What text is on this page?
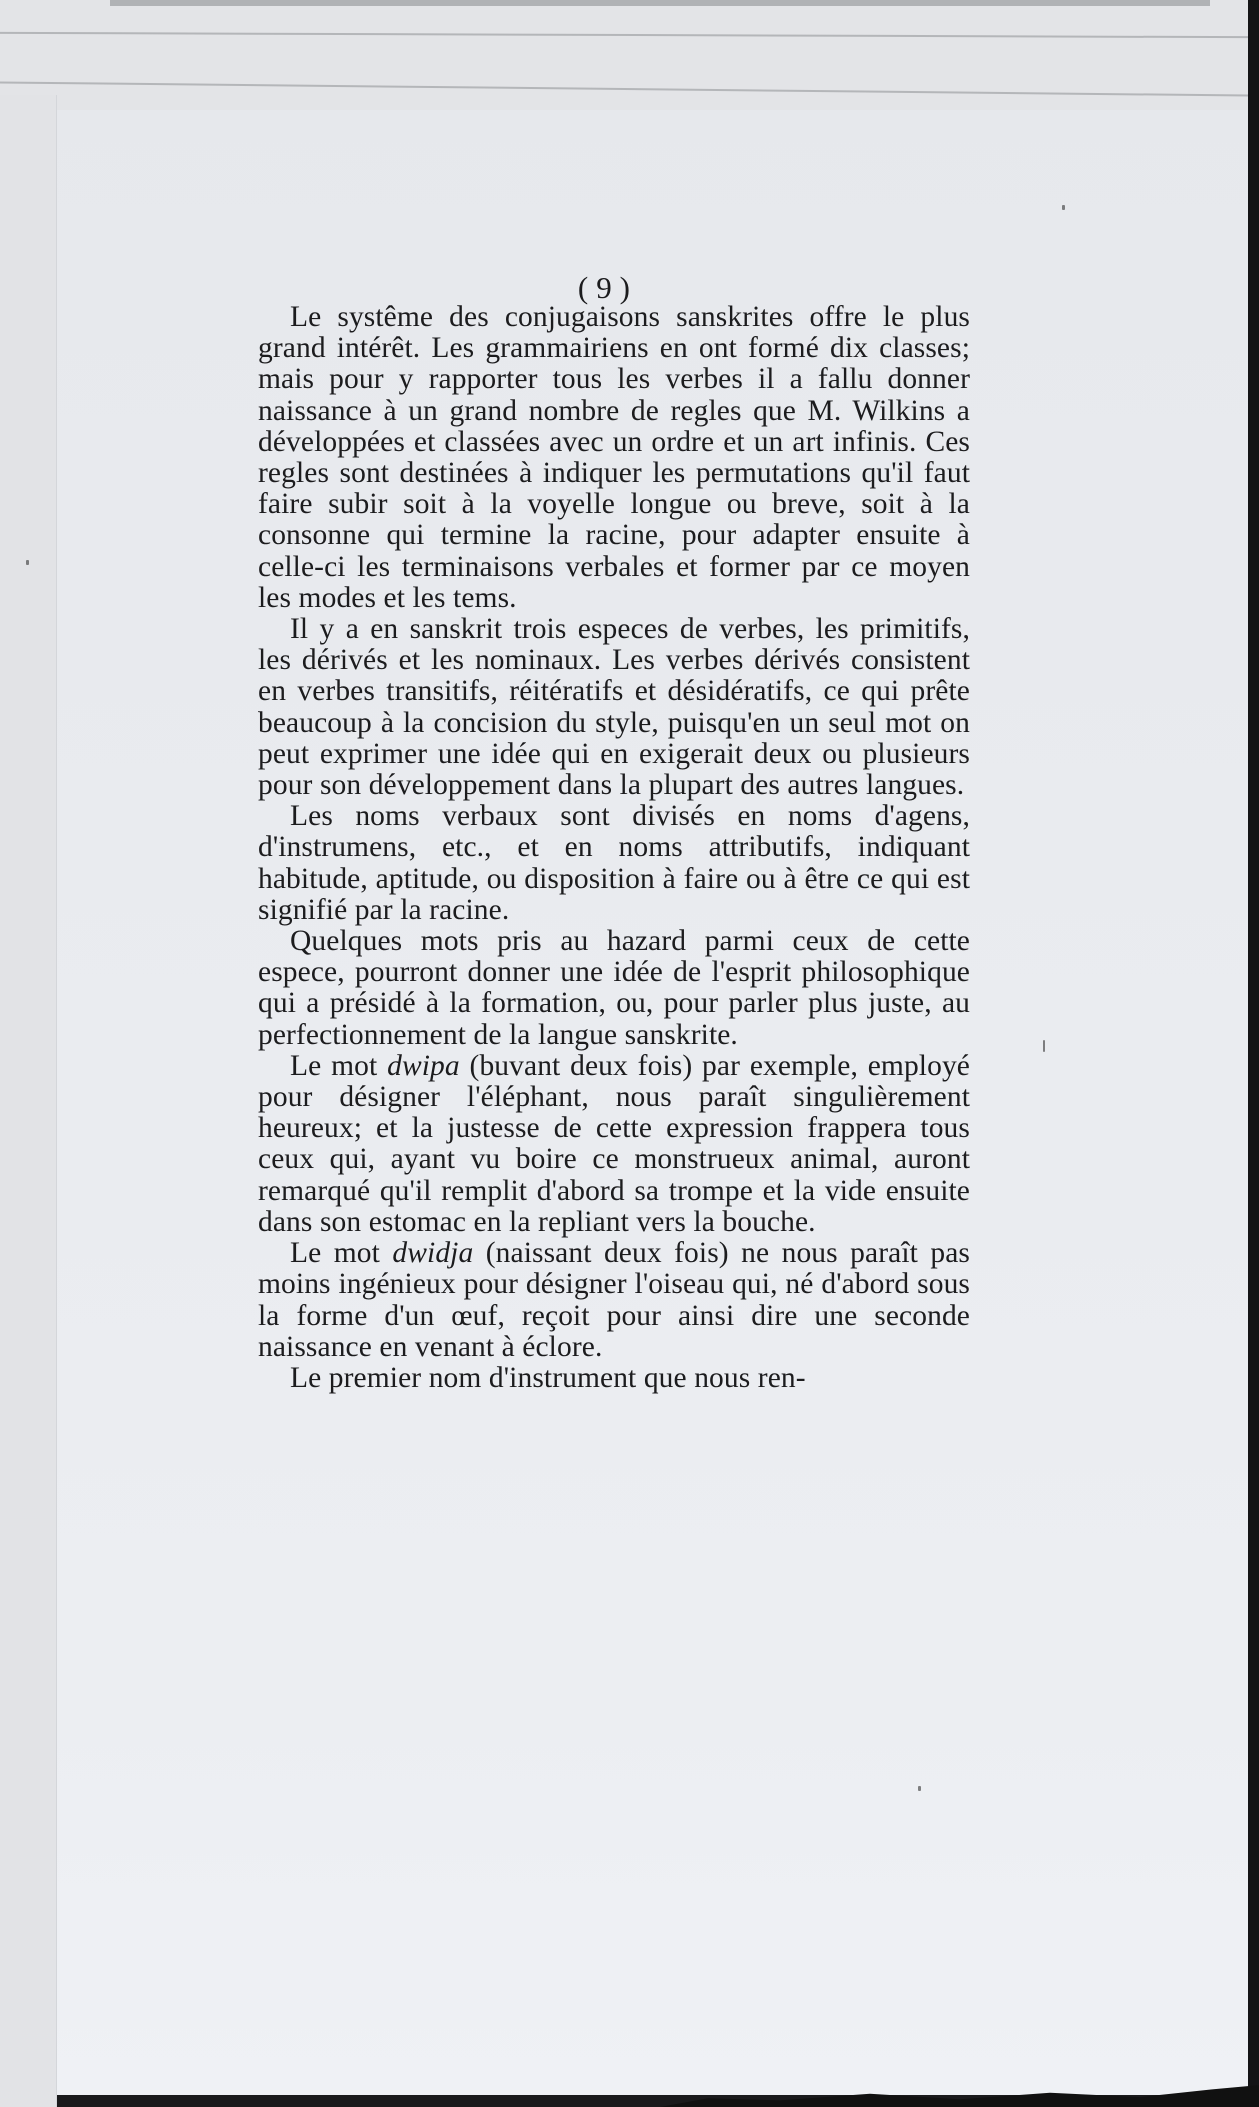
( 9 )

Le systême des conjugaisons sanskrites offre le plus grand intérêt. Les grammairiens en ont formé dix classes; mais pour y rapporter tous les verbes il a fallu donner naissance à un grand nombre de regles que M. Wilkins a développées et classées avec un ordre et un art infinis. Ces regles sont destinées à indiquer les permutations qu'il faut faire subir soit à la voyelle longue ou breve, soit à la consonne qui termine la racine, pour adapter ensuite à celle-ci les terminaisons verbales et former par ce moyen les modes et les tems.

Il y a en sanskrit trois especes de verbes, les primitifs, les dérivés et les nominaux. Les verbes dérivés consistent en verbes transitifs, réitératifs et désidératifs, ce qui prête beaucoup à la concision du style, puisqu'en un seul mot on peut exprimer une idée qui en exigerait deux ou plusieurs pour son développement dans la plupart des autres langues.

Les noms verbaux sont divisés en noms d'agens, d'instrumens, etc., et en noms attributifs, indiquant habitude, aptitude, ou disposition à faire ou à être ce qui est signifié par la racine.

Quelques mots pris au hazard parmi ceux de cette espece, pourront donner une idée de l'esprit philosophique qui a présidé à la formation, ou, pour parler plus juste, au perfectionnement de la langue sanskrite.

Le mot dwipa (buvant deux fois) par exemple, employé pour désigner l'éléphant, nous paraît singulièrement heureux; et la justesse de cette expression frappera tous ceux qui, ayant vu boire ce monstrueux animal, auront remarqué qu'il remplit d'abord sa trompe et la vide ensuite dans son estomac en la repliant vers la bouche.

Le mot dwidja (naissant deux fois) ne nous paraît pas moins ingénieux pour désigner l'oiseau qui, né d'abord sous la forme d'un œuf, reçoit pour ainsi dire une seconde naissance en venant à éclore.

Le premier nom d'instrument que nous ren-
